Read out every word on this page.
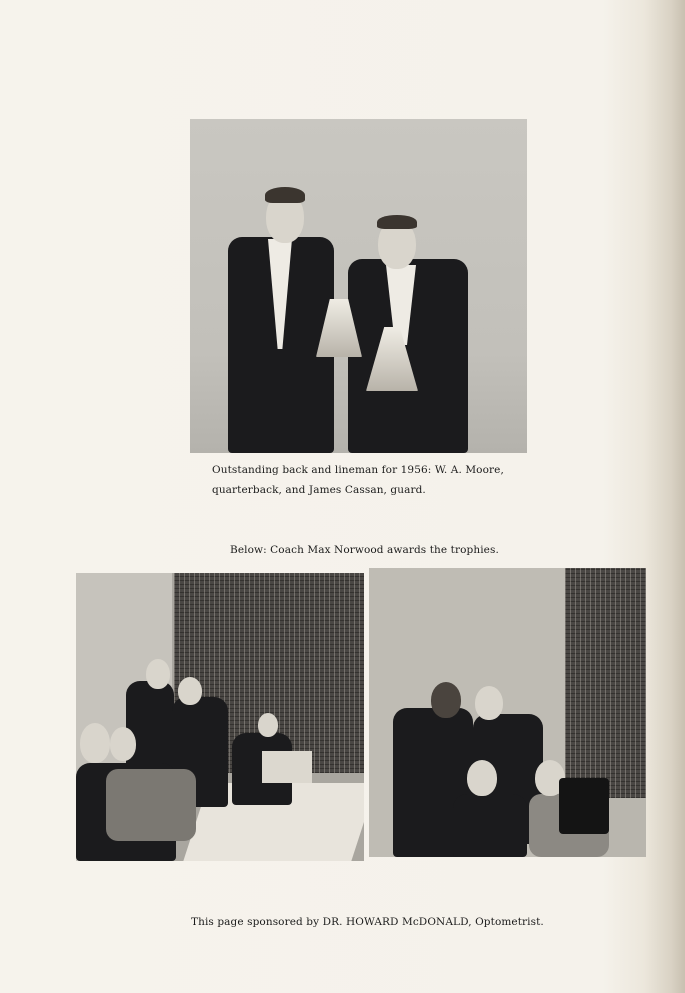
Outstanding back and lineman for 1956: W. A. Moore,
quarterback, and James Cassan, guard.
Below: Coach Max Norwood awards the trophies.
This page sponsored by DR. HOWARD McDONALD, Optometrist.
